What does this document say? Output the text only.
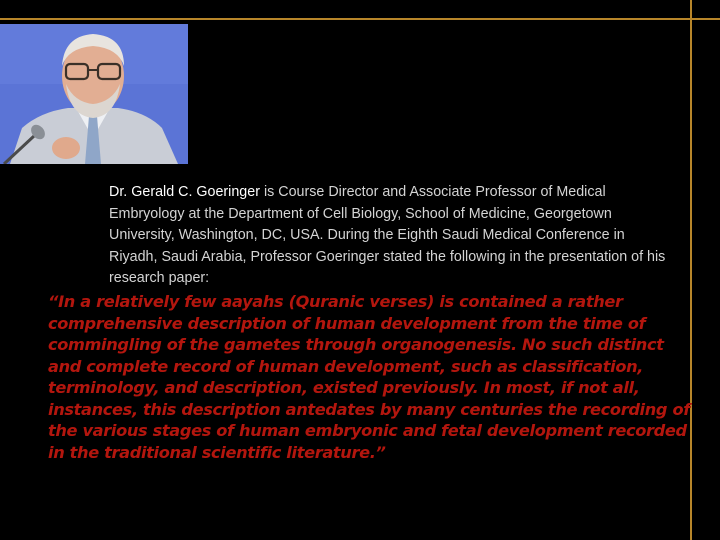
Dr. Gerald C. Goeringer is Course Director and Associate Professor of Medical Embryology at the Department of Cell Biology, School of Medicine, Georgetown University, Washington, DC, USA. During the Eighth Saudi Medical Conference in Riyadh, Saudi Arabia, Professor Goeringer stated the following in the presentation of his research paper:
“In a relatively few aayahs (Quranic verses) is contained a rather comprehensive description of human development from the time of commingling of the gametes through organogenesis. No such distinct and complete record of human development, such as classification, terminology, and description, existed previously. In most, if not all, instances, this description antedates by many centuries the recording of the various stages of human embryonic and fetal development recorded in the traditional scientific literature.”
